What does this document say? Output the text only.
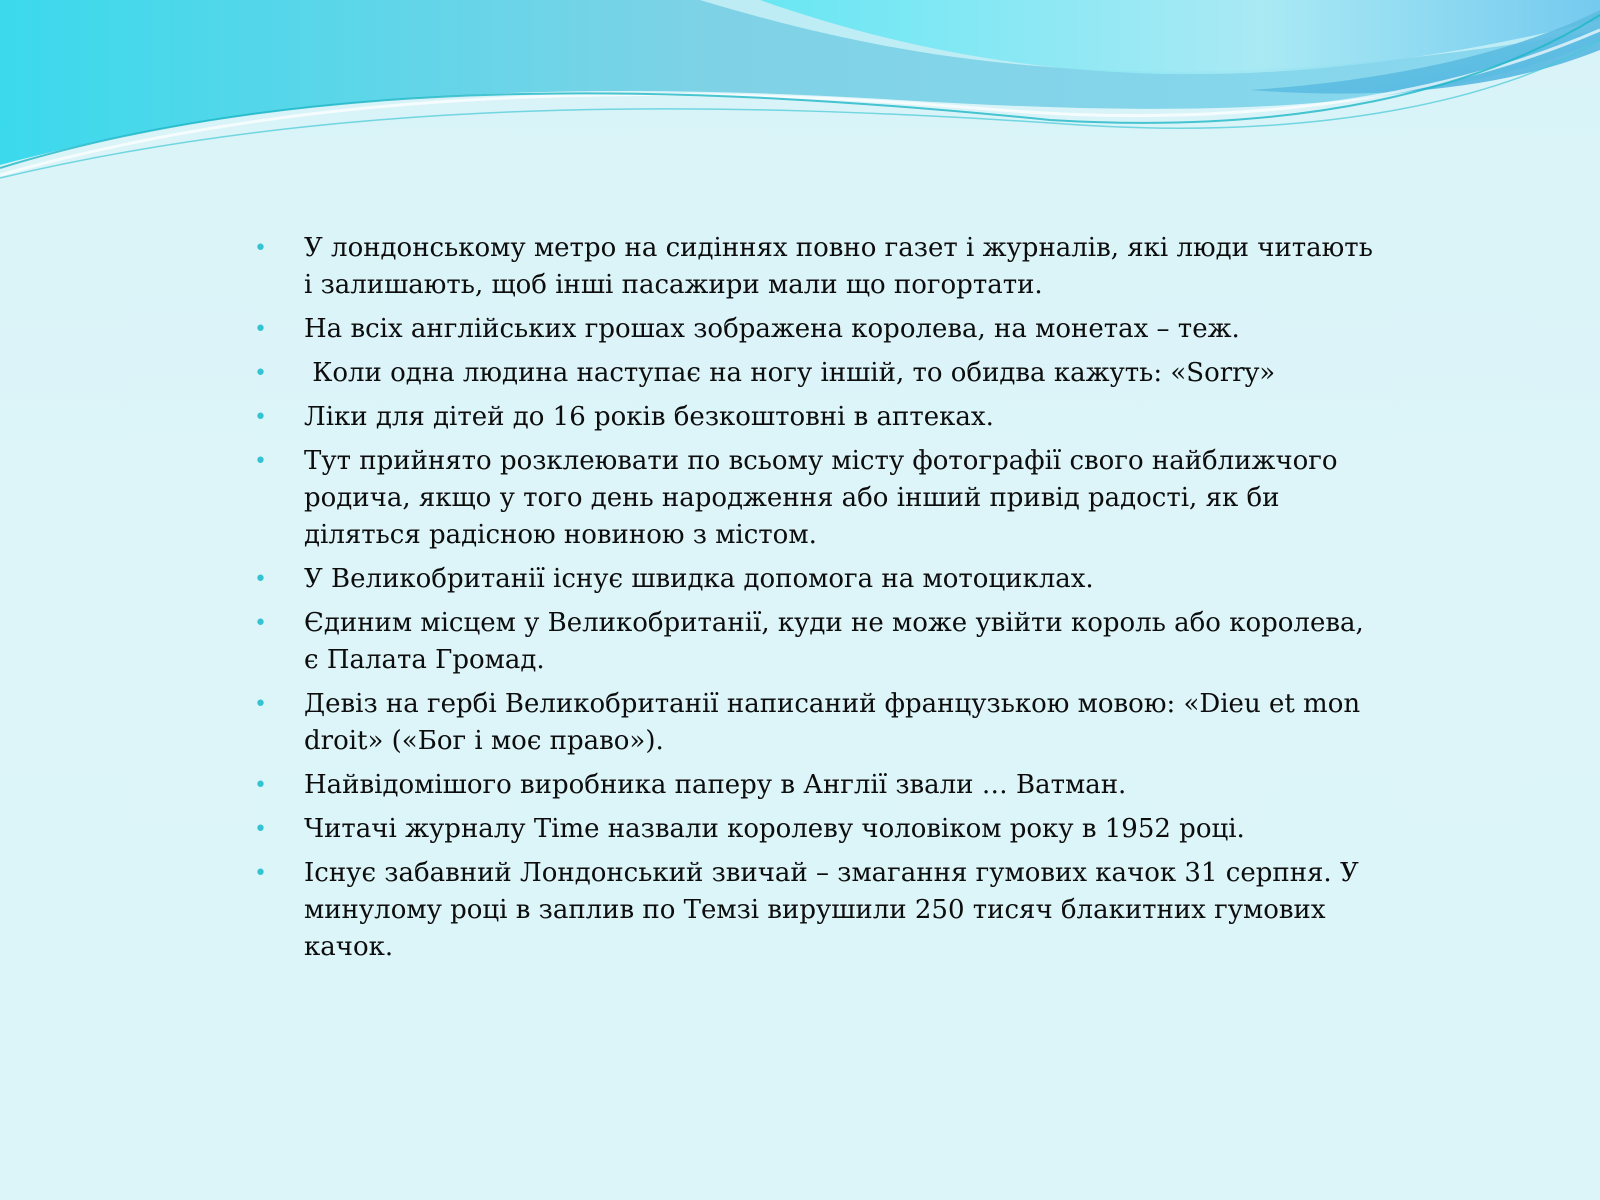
• У лондонському метро на сидіннях повно газет і журналів, які люди читають і залишають, щоб інші пасажири мали що погортати.
• На всіх англійських грошах зображена королева, на монетах – теж.
• Коли одна людина наступає на ногу іншій, то обидва кажуть: «Sorry»
• Ліки для дітей до 16 років безкоштовні в аптеках.
• Тут прийнято розклеювати по всьому місту фотографії свого найближчого родича, якщо у того день народження або інший привід радості, як би діляться радісною новиною з містом.
• У Великобританії існує швидка допомога на мотоциклах.
• Єдиним місцем у Великобританії, куди не може увійти король або королева, є Палата Громад.
• Девіз на гербі Великобританії написаний французькою мовою: «Dieu et mon droit» («Бог і моє право»).
• Найвідомішого виробника паперу в Англії звали … Ватман.
• Читачі журналу Time назвали королеву чоловіком року в 1952 році.
• Існує забавний Лондонський звичай – змагання гумових качок 31 серпня. У минулому році в заплив по Темзі вирушили 250 тисяч блакитних гумових качок.
